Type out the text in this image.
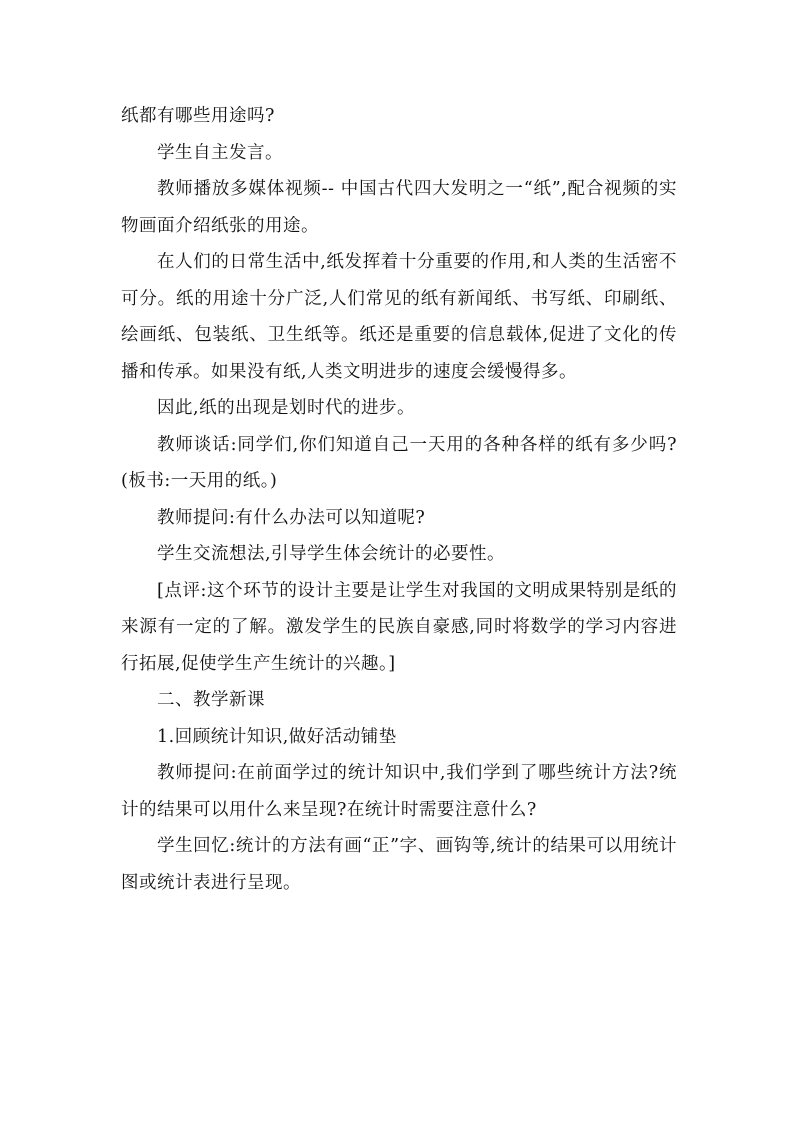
纸都有哪些用途吗?

学生自主发言。

教师播放多媒体视频-- 中国古代四大发明之一“纸”,配合视频的实物画面介绍纸张的用途。

在人们的日常生活中,纸发挥着十分重要的作用,和人类的生活密不可分。纸的用途十分广泛,人们常见的纸有新闻纸、书写纸、印刷纸、绘画纸、包装纸、卫生纸等。纸还是重要的信息载体,促进了文化的传播和传承。如果没有纸,人类文明进步的速度会缓慢得多。

因此,纸的出现是划时代的进步。

教师谈话:同学们,你们知道自己一天用的各种各样的纸有多少吗?(板书:一天用的纸。)

教师提问:有什么办法可以知道呢?

学生交流想法,引导学生体会统计的必要性。

[点评:这个环节的设计主要是让学生对我国的文明成果特别是纸的来源有一定的了解。激发学生的民族自豪感,同时将数学的学习内容进行拓展,促使学生产生统计的兴趣。]

二、教学新课

1.回顾统计知识,做好活动铺垫

教师提问:在前面学过的统计知识中,我们学到了哪些统计方法?统计的结果可以用什么来呈现?在统计时需要注意什么?

学生回忆:统计的方法有画“正”字、画钩等,统计的结果可以用统计图或统计表进行呈现。
